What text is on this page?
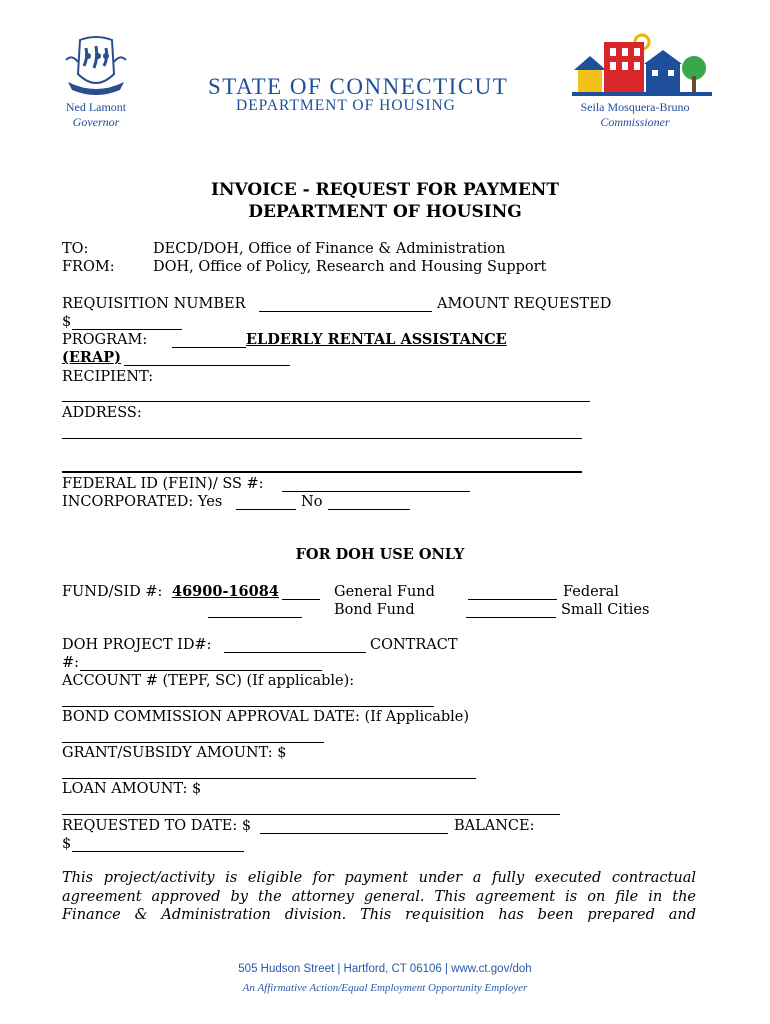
Ned Lamont
Governor
STATE OF CONNECTICUT
DEPARTMENT OF HOUSING	Seila Mosquera-Bruno
Commissioner
INVOICE - REQUEST FOR PAYMENT
DEPARTMENT OF HOUSING
TO:	DECD/DOH, Office of Finance & Administration
FROM:	DOH, Office of Policy, Research and Housing Support
REQUISITION NUMBER	AMOUNT REQUESTED
$
PROGRAM:	ELDERLY RENTAL ASSISTANCE
(ERAP)
RECIPIENT:
ADDRESS:
FEDERAL ID (FEIN)/ SS #:
INCORPORATED: Yes	No
FOR DOH USE ONLY
FUND/SID #: 46900-16084	General Fund	Federal
Bond Fund	Small Cities
DOH PROJECT ID#:	CONTRACT
#:
ACCOUNT # (TEPF, SC) (If applicable):
BOND COMMISSION APPROVAL DATE: (If Applicable)
GRANT/SUBSIDY AMOUNT: $
LOAN AMOUNT: $
REQUESTED TO DATE: $	BALANCE:
$
This project/activity is eligible for payment under a fully executed contractual
agreement approved by the attorney general. This agreement is on file in the
Finance & Administration division. This requisition has been prepared and
505 Hudson Street | Hartford, CT 06106 | www.ct.gov/doh
An Affirmative Action/Equal Employment Opportunity Employer
